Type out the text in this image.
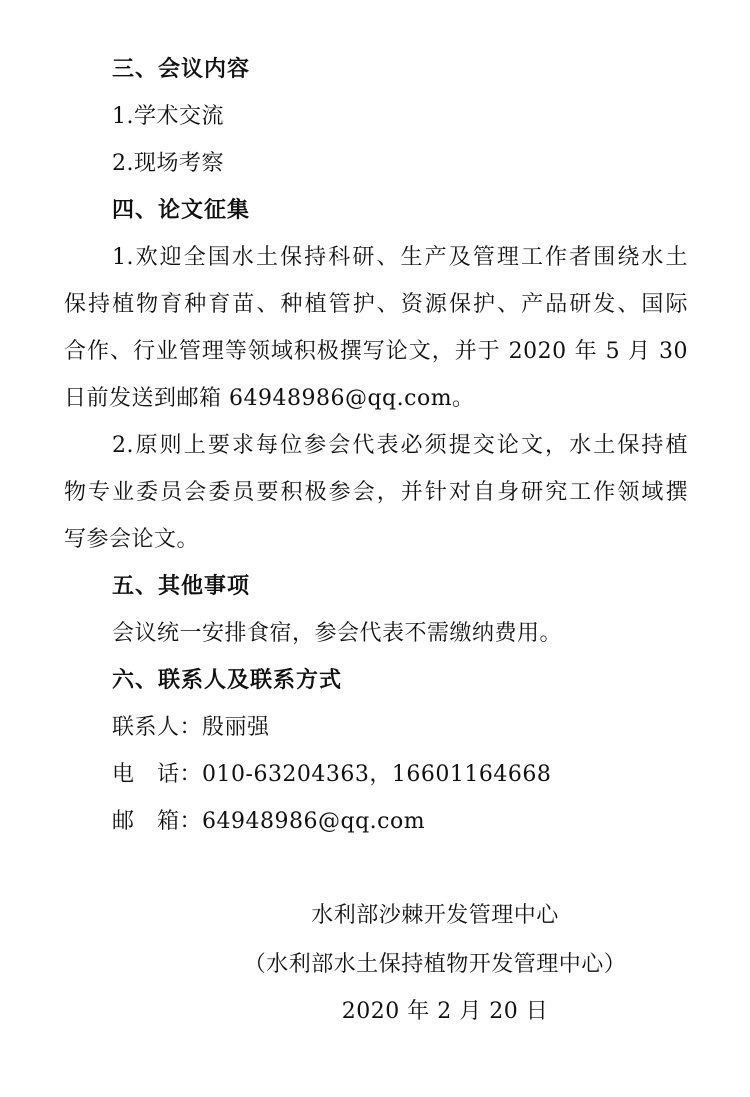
三、会议内容
1.学术交流
2.现场考察
四、论文征集
1.欢迎全国水土保持科研、生产及管理工作者围绕水土
保持植物育种育苗、种植管护、资源保护、产品研发、国际
合作、行业管理等领域积极撰写论文，并于 2020 年 5 月 30
日前发送到邮箱 64948986@qq.com。
2.原则上要求每位参会代表必须提交论文，水土保持植
物专业委员会委员要积极参会，并针对自身研究工作领域撰
写参会论文。
五、其他事项
会议统一安排食宿，参会代表不需缴纳费用。
六、联系人及联系方式
联系人：殷丽强
电　话：010-63204363，16601164668
邮　箱：64948986@qq.com
水利部沙棘开发管理中心
（水利部水土保持植物开发管理中心）
2020 年 2 月 20 日
